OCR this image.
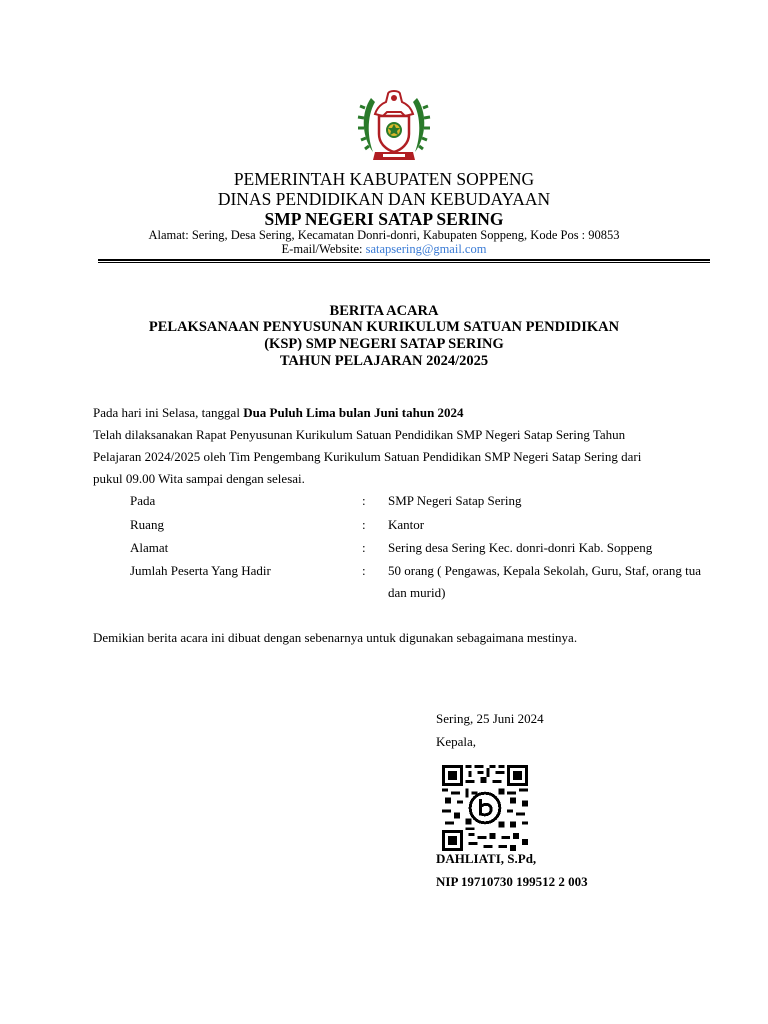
PEMERINTAH KABUPATEN SOPPENG
DINAS PENDIDIKAN DAN KEBUDAYAAN
SMP NEGERI SATAP SERING
Alamat: Sering, Desa Sering, Kecamatan Donri-donri, Kabupaten Soppeng, Kode Pos : 90853
E-mail/Website: satapsering@gmail.com
BERITA ACARA
PELAKSANAAN PENYUSUNAN KURIKULUM SATUAN PENDIDIKAN
(KSP) SMP NEGERI SATAP SERING
TAHUN PELAJARAN 2024/2025
Pada hari ini Selasa, tanggal Dua Puluh Lima bulan Juni tahun 2024
Telah dilaksanakan Rapat Penyusunan Kurikulum Satuan Pendidikan SMP Negeri Satap Sering Tahun
Pelajaran 2024/2025 oleh Tim Pengembang Kurikulum Satuan Pendidikan SMP Negeri Satap Sering dari
pukul 09.00 Wita sampai dengan selesai.
Pada	: SMP Negeri Satap Sering
Ruang	: Kantor
Alamat	: Sering desa Sering Kec. donri-donri Kab. Soppeng
Jumlah Peserta Yang Hadir	: 50 orang ( Pengawas, Kepala Sekolah, Guru, Staf, orang tua
dan murid)
Demikian berita acara ini dibuat dengan sebenarnya untuk digunakan sebagaimana mestinya.
Sering, 25 Juni 2024
Kepala,
DAHLIATI, S.Pd,
NIP 19710730 199512 2 003
